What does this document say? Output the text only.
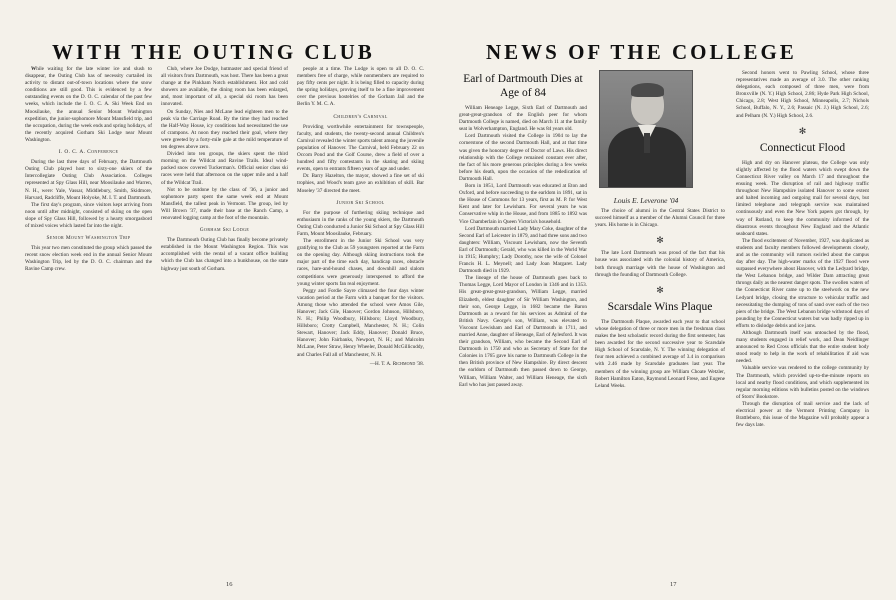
WITH THE OUTING CLUB

While waiting for the late winter ice and slush to disappear, the Outing Club has of necessity curtailed its activity to distant out-of-town locations where the snow conditions are still good. This is evidenced by a few outstanding events on the D. O. C. calendar of the past few weeks, which include the I. O. C. A. Ski Week End on Moosilauke, the annual Senior Mount Washington expedition, the junior-sophomore Mount Mansfield trip, and the occupation, during the week ends and spring holidays, of the recently acquired Gorham Ski Lodge near Mount Washington.

I. O. C. A. Conference

During the last three days of February, the Dartmouth Outing Club played host to sixty-one skiers of the Intercollegiate Outing Club Association. Colleges represented at Spy Glass Hill, near Moosilauke and Warren, N. H., were: Yale, Vassar, Middlebury, Smith, Skidmore, Harvard, Radcliffe, Mount Holyoke, M. I. T. and Dartmouth.

The first day's program, since visitors kept arriving from noon until after midnight, consisted of skiing on the open slope of Spy Glass Hill, followed by a hearty smorgasbord of mixed voices which lasted far into the night.

Senior Mount Washington Trip

This year two men constituted the group which passed the recent snow election week end in the annual Senior Mount Washington Trip, led by the D. O. C. chairman and the Ravine Camp crew.

Club, where Joe Dodge, hutmaster and special friend of all visitors from Dartmouth, was host. There has been a great change at the Pinkham Notch establishment. Hot and cold showers are available, the dining room has been enlarged, and, most important of all, a special ski room has been innovated.

On Sunday, Nies and McLane lead eighteen men to the peak via the Carriage Road. By the time they had reached the Half-Way House, icy conditions had necessitated the use of crampons. At noon they reached their goal, where they were greeted by a forty-mile gale at the mild temperature of ten degrees above zero.

Divided into ten groups, the skiers spent the third morning on the Wildcat and Ravine Trails. Ideal wind-packed snow covered Tuckerman's. Official senior class ski races were held that afternoon on the upper mile and a half of the Wildcat Trail.

Not to be outdone by the class of '36, a junior and sophomore party spent the same week end at Mount Mansfield, the tallest peak in Vermont. The group, led by Will Brown '37, made their base at the Ranch Camp, a renovated logging camp at the foot of the mountain.

Gorham Ski Lodge

The Dartmouth Outing Club has finally become privately established in the Mount Washington Region. This was accomplished with the rental of a vacant office building which the Club has changed into a bunkhouse, on the state highway just south of Gorham.

people at a time. The Lodge is open to all D. O. C. members free of charge, while nonmembers are required to pay fifty cents per night. It is being filled to capacity during the spring holidays, proving itself to be a fine improvement over the previous hostelries of the Gorham Jail and the Berlin Y. M. C. A.

Children's Carnival

Providing worthwhile entertainment for townspeople, faculty, and students, the twenty-second annual Children's Carnival revealed the winter sports talent among the juvenile population of Hanover. The Carnival, held February 22 on Occom Pond and the Golf Course, drew a field of over a hundred and fifty contestants in the skating and skiing events, open to entrants fifteen years of age and under.

Dr. Barry Hazelton, the mayor, showed a fine set of ski trophies, and Wood's team gave an exhibition of skill. Bar Moseley '37 directed the meet.

Junior Ski School

For the purpose of furthering skiing technique and enthusiasm in the ranks of the young skiers, the Dartmouth Outing Club conducted a Junior Ski School at Spy Glass Hill Farm, Mount Moosilauke, February.

The enrollment in the Junior Ski School was very gratifying to the Club as 59 youngsters reported at the Farm on the opening day. Although skiing instructions took the major part of the time each day, handicap races, obstacle races, hare-and-hound chases, and downhill and slalom competitions were generously interspersed to afford the young winter sports fan real enjoyment.

Peggy and Fordie Sayre climaxed the four days winter vacation period at the Farm with a banquet for the visitors. Among those who attended the school were Amos Gile, Hanover; Jack Gile, Hanover; Gordon Johnson, Hillsboro, N. H.; Philip Woodbury, Hillsboro; Lloyd Woodbury, Hillsboro; Crotty Campbell, Manchester, N. H.; Colin Stewart, Hanover; Jack Eddy, Hanover; Donald Bruce, Hanover; John Fairbanks, Newport, N. H.; and Malcolm McLane, Peter Straw, Henry Wheeler, Donald McGillicuddy, and Charles Fall all of Manchester, N. H.

—H. T. A. Richmond '38.
16
NEWS OF THE COLLEGE
17
Earl of Dartmouth Dies at Age of 84

William Heneage Legge, Sixth Earl of Dartmouth and great-great-grandson of the English peer for whom Dartmouth College is named, died on March 11 at the family seat in Wolverhampton, England. He was 84 years old.

Lord Dartmouth visited the College in 1904 to lay the cornerstone of the second Dartmouth Hall, and at that time was given the honorary degree of Doctor of Laws. His direct relationship with the College remained constant ever after, the fact of his more generous principles during a few weeks before his death, upon the occasion of the rededication of Dartmouth Hall.

Born in 1851, Lord Dartmouth was educated at Eton and Oxford, and before succeeding to the earldom in 1891, sat in the House of Commons for 13 years, first as M. P. for West Kent and later for Lewisham. For several years he was Conservative whip in the House, and from 1885 to 1892 was Vice Chamberlain in Queen Victoria's household.

Lord Dartmouth married Lady Mary Coke, daughter of the Second Earl of Leicester in 1879, and had three sons and two daughters: William, Viscount Lewisham, now the Seventh Earl of Dartmouth; Gerald, who was killed in the World War in 1915; Humphry; Lady Dorothy, now the wife of Colonel Francis H. L. Meynell; and Lady Joan Margaret. Lady Dartmouth died in 1929.

The lineage of the house of Dartmouth goes back to Thomas Legge, Lord Mayor of London in 1346 and in 1353. His great-great-great-grandson, William Legge, married Elizabeth, eldest daughter of Sir William Washington, and their son, George Legge, in 1682 became the Baron Dartmouth as a reward for his services as Admiral of the British Navy. George's son, William, was elevated to Viscount Lewisham and Earl of Dartmouth in 1711, and married Anne, daughter of Heneage, Earl of Aylesford. It was their grandson, William, who became the Second Earl of Dartmouth in 1750 and who as Secretary of State for the Colonies in 1765 gave his name to Dartmouth College in the then British province of New Hampshire. By direct descent the earldom of Dartmouth then passed down to George, William, William Walter, and William Heneage, the sixth Earl who has just passed away.

Louis E. Leverone '04

The choice of alumni in the Central States District to succeed himself as a member of the Alumni Council for three years. His home is in Chicago.

✻

The late Lord Dartmouth was proud of the fact that his house was associated with the colonial history of America, both through marriage with the house of Washington and through the founding of Dartmouth College.

✻
Scarsdale Wins Plaque

The Dartmouth Plaque, awarded each year to that school whose delegation of three or more men in the freshman class makes the best scholastic record during the first semester, has been awarded for the second successive year to Scarsdale High School of Scarsdale, N. Y. The winning delegation of four men achieved a combined average of 3.4 in comparison with 2.46 made by Scarsdale graduates last year. The members of the winning group are William Choate Wetzler, Robert Hamilton Eaton, Raymond Leonard Frese, and Eugene Leland Weeks.

Second honors went to Pawling School, whose three representatives made an average of 3.0. The other ranking delegations, each composed of three men, were from Bronxville (N. Y.) High School, 2.86; Hyde Park High School, Chicago, 2.8; West High School, Minneapolis, 2.7; Nichols School, Buffalo, N. Y., 2.6; Passaic (N. J.) High School, 2.6; and Pelham (N. Y.) High School, 2.6.

✻
Connecticut Flood

High and dry on Hanover plateau, the College was only slightly affected by the flood waters which swept down the Connecticut River valley on March 17 and throughout the ensuing week. The disruption of rail and highway traffic throughout New Hampshire isolated Hanover to some extent and halted incoming and outgoing mail for several days, but limited telephone and telegraph service was maintained continuously and even the New York papers got through, by way of Rutland, to keep the community informed of the disastrous events throughout New England and the Atlantic seaboard states.

The flood excitement of November, 1927, was duplicated as students and faculty members followed developments closely, and as the community will rumors swirled about the campus day after day. The high-water marks of the 1927 flood were surpassed everywhere about Hanover, with the Ledyard bridge, the West Lebanon bridge, and Wilder Dam attracting great throngs daily as the nearest danger spots. The swollen waters of the Connecticut River came up to the steelwork on the new Ledyard bridge, closing the structure to vehicular traffic and necessitating the dumping of tons of sand over each of the two piers of the bridge. The West Lebanon bridge withstood days of pounding by the Connecticut waters but was badly ripped up in efforts to dislodge debris and ice jams.

Although Dartmouth itself was untouched by the flood, many students engaged in relief work, and Dean Neidlinger announced to Red Cross officials that the entire student body stood ready to help in the work of rehabilitation if aid was needed.

Valuable service was rendered to the college community by The Dartmouth, which provided up-to-the-minute reports on local and nearby flood conditions, and which supplemented its regular morning editions with bulletins posted on the windows of Storrs' Bookstore.

Through the disruption of mail service and the lack of electrical power at the Vermont Printing Company in Brattleboro, this issue of the Magazine will probably appear a few days late.
